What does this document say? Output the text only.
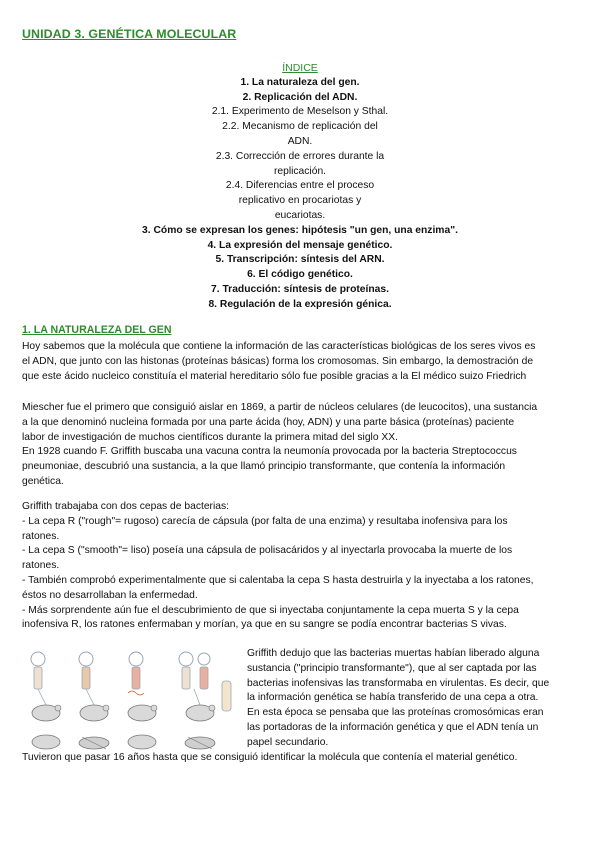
UNIDAD 3. GENÉTICA MOLECULAR
ÍNDICE
1. La naturaleza del gen.
2. Replicación del ADN.
2.1. Experimento de Meselson y Sthal.
2.2. Mecanismo de replicación del
ADN.
2.3. Corrección de errores durante la
replicación.
2.4. Diferencias entre el proceso
replicativo en procariotas y
eucariotas.
3. Cómo se expresan los genes: hipótesis "un gen, una enzima".
4. La expresión del mensaje genético.
5. Transcripción: síntesis del ARN.
6. El código genético.
7. Traducción: síntesis de proteínas.
8. Regulación de la expresión génica.
1. LA NATURALEZA DEL GEN
Hoy sabemos que la molécula que contiene la información de las características biológicas de los seres vivos es
el ADN, que junto con las histonas (proteínas básicas) forma los cromosomas. Sin embargo, la demostración de
que este ácido nucleico constituía el material hereditario sólo fue posible gracias a la El médico suizo Friedrich
Miescher fue el primero que consiguió aislar en 1869, a partir de núcleos celulares (de leucocitos), una sustancia
a la que denominó nucleina formada por una parte ácida (hoy, ADN) y una parte básica (proteínas) paciente
labor de investigación de muchos científicos durante la primera mitad del siglo XX.
En 1928 cuando F. Griffith buscaba una vacuna contra la neumonía provocada por la bacteria Streptococcus
pneumoniae, descubrió una sustancia, a la que llamó principio transformante, que contenía la información
genética.
Griffith trabajaba con dos cepas de bacterias:
- La cepa R ("rough"= rugoso) carecía de cápsula (por falta de una enzima) y resultaba inofensiva para los
ratones.
- La cepa S ("smooth"= liso) poseía una cápsula de polisacáridos y al inyectarla provocaba la muerte de los
ratones.
- También comprobó experimentalmente que si calentaba la cepa S hasta destruirla y la inyectaba a los ratones,
éstos no desarrollaban la enfermedad.
- Más sorprendente aún fue el descubrimiento de que si inyectaba conjuntamente la cepa muerta S y la cepa
inofensiva R, los ratones enfermaban y morían, ya que en su sangre se podía encontrar bacterias S vivas.
Griffith dedujo que las bacterias muertas habían liberado alguna
sustancia ("principio transformante"), que al ser captada por las
bacterias inofensivas las transformaba en virulentas. Es decir, que
la información genética se había transferido de una cepa a otra.
En esta época se pensaba que las proteínas cromosómicas eran
las portadoras de la información genética y que el ADN tenía un
papel secundario.
Tuvieron que pasar 16 años hasta que se consiguió identificar la molécula que contenía el material genético.
